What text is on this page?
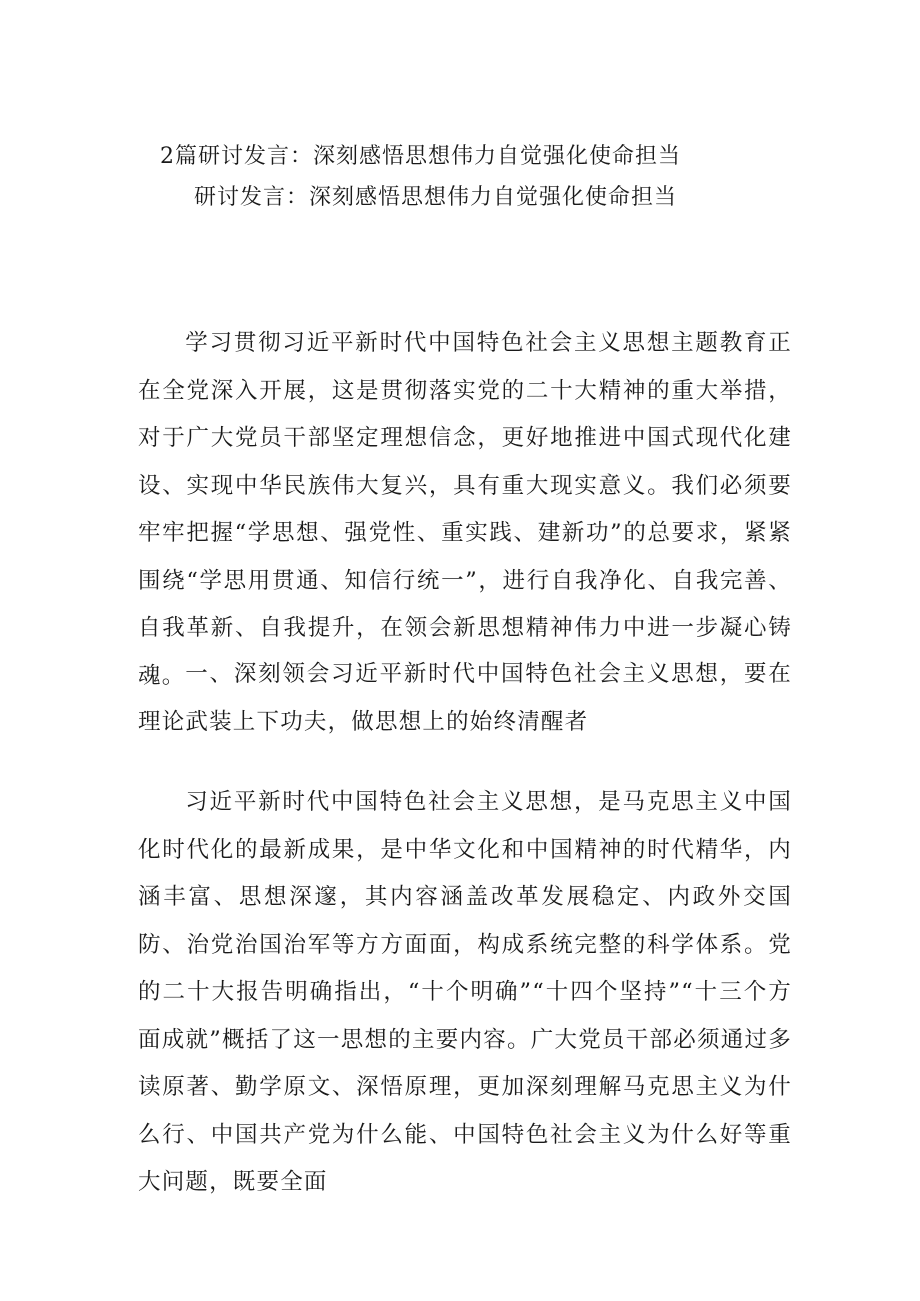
2篇研讨发言：深刻感悟思想伟力自觉强化使命担当
研讨发言：深刻感悟思想伟力自觉强化使命担当

学习贯彻习近平新时代中国特色社会主义思想主题教育正在全党深入开展，这是贯彻落实党的二十大精神的重大举措，对于广大党员干部坚定理想信念，更好地推进中国式现代化建设、实现中华民族伟大复兴，具有重大现实意义。我们必须要牢牢把握“学思想、强党性、重实践、建新功”的总要求，紧紧围绕“学思用贯通、知信行统一”，进行自我净化、自我完善、自我革新、自我提升，在领会新思想精神伟力中进一步凝心铸魂。 一、深刻领会习近平新时代中国特色社会主义思想，要在理论武装上下功夫，做思想上的始终清醒者

习近平新时代中国特色社会主义思想，是马克思主义中国化时代化的最新成果，是中华文化和中国精神的时代精华，内涵丰富、思想深邃，其内容涵盖改革发展稳定、内政外交国防、治党治国治军等方方面面，构成系统完整的科学体系。党的二十大报告明确指出，“十个明确”“十四个坚持”“十三个方面成就”概括了这一思想的主要内容。广大党员干部必须通过多读原著、勤学原文、深悟原理，更加深刻理解马克思主义为什么行、中国共产党为什么能、中国特色社会主义为什么好等重大问题，既要全面
